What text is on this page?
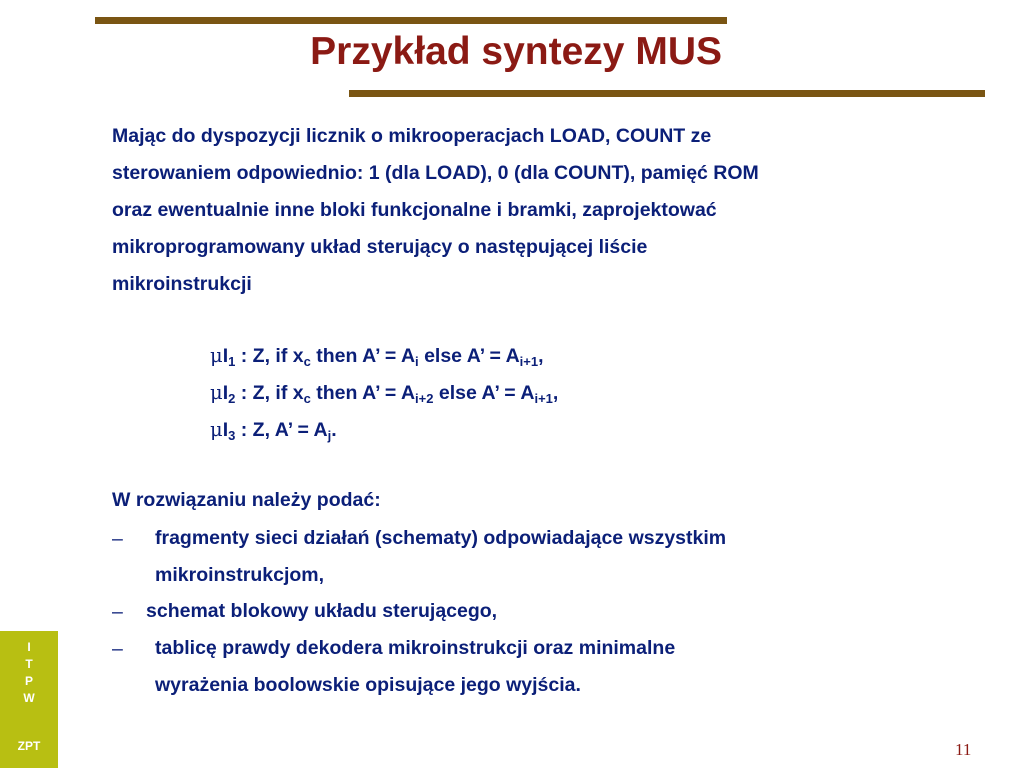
Przykład syntezy MUS

Mając do dyspozycji licznik o mikrooperacjach LOAD, COUNT ze

sterowaniem odpowiednio: 1 (dla LOAD), 0 (dla COUNT), pamięć ROM

oraz ewentualnie inne bloki funkcjonalne i bramki, zaprojektować

mikroprogramowany układ sterujący o następującej liście

mikroinstrukcji

$\mu I_1$ : Z, if $x_c$ then A’ = $A_i$ else A’ = $A_{i+1}$,
$\mu I_2$ : Z, if $x_c$ then A’ = $A_{i+2}$ else A’ = $A_{i+1}$,
$\mu I_3$ : Z, A’ = $A_j$.
W rozwiązaniu należy podać:
– fragmenty sieci działań (schematy) odpowiadające wszystkim
mikroinstrukcjom,
– schemat blokowy układu sterującego,
– tablicę prawdy dekodera mikroinstrukcji oraz minimalne
wyrażenia boolowskie opisujące jego wyjścia.
I
T
P
W
ZPT	11
